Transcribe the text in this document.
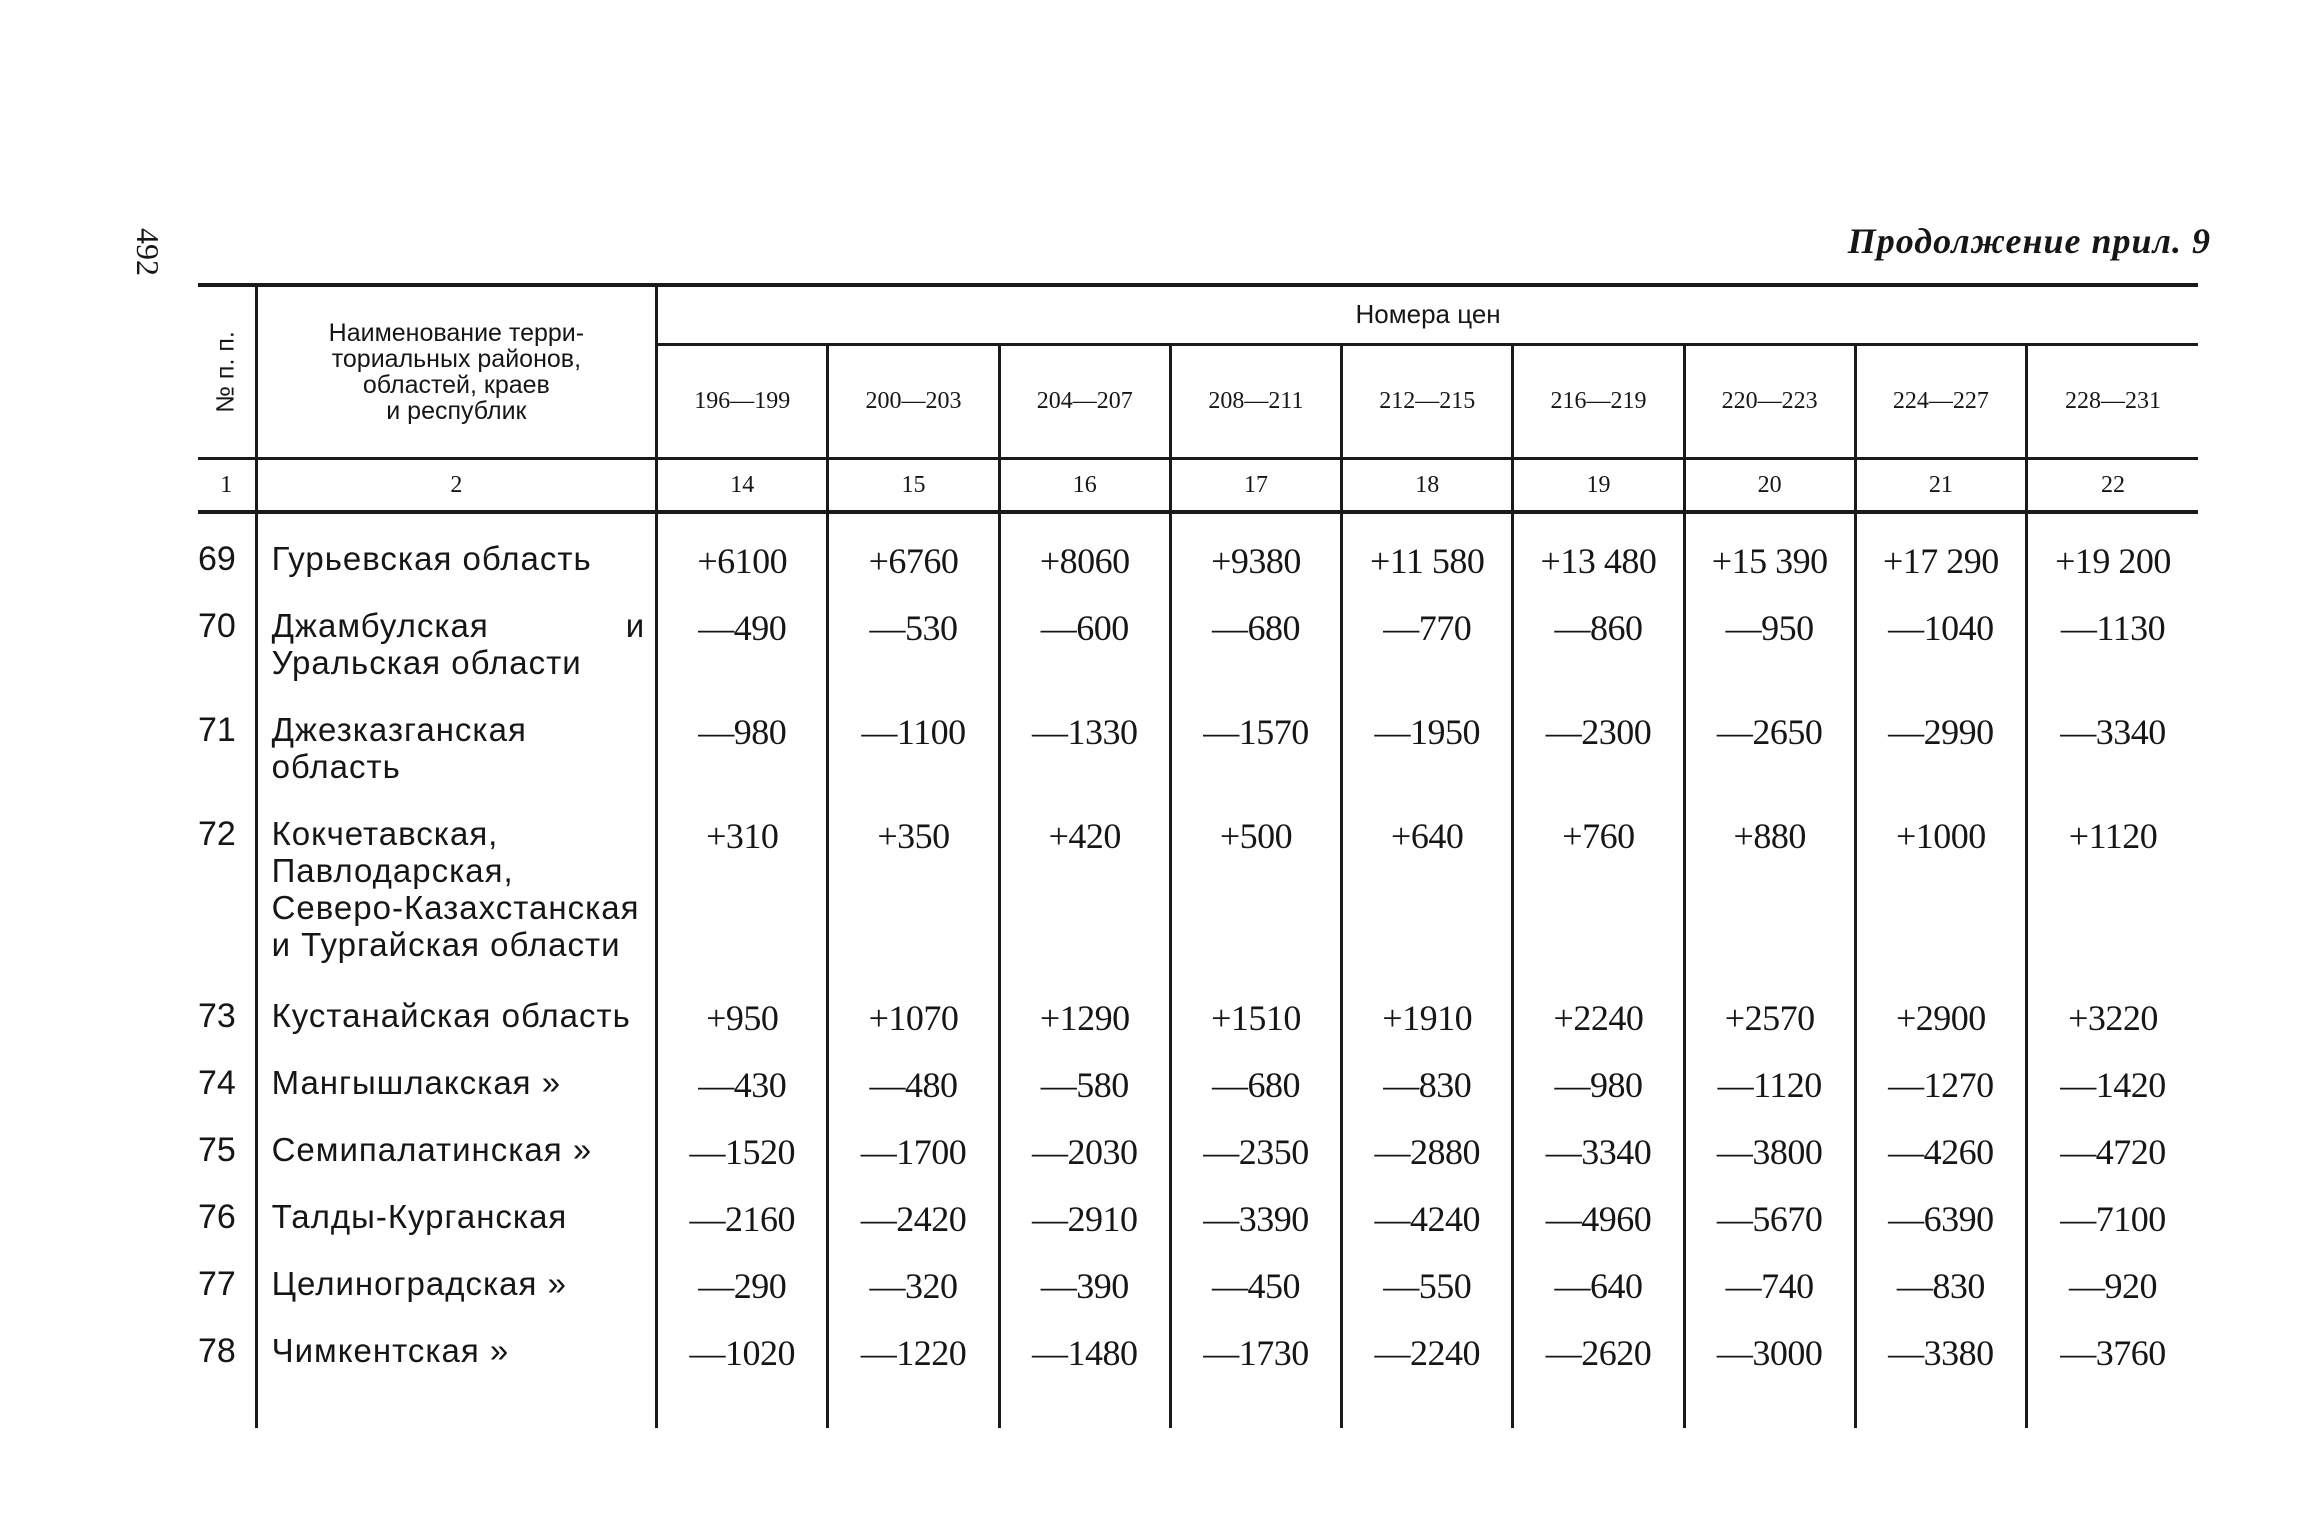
492	Продолжение прил. 9
№ п. п.	Наименование терри-
ториальных районов,
областей, краев
и республик	Номера цен								
		196—199	200—203	204—207	208—211	212—215	216—219	220—223	224—227	228—231
1	2	14	15	16	17	18	19	20	21	22
69	Гурьевская область	+6100	+6760	+8060	+9380	+11 580	+13 480	+15 390	+17 290	+19 200
70	Джамбулская и Уральская области	—490	—530	—600	—680	—770	—860	—950	—1040	—1130
71	Джезказганская область	—980	—1100	—1330	—1570	—1950	—2300	—2650	—2990	—3340
72	Кокчетавская, Павлодарская, Северо-Казахстанская и Тургайская области	+310	+350	+420	+500	+640	+760	+880	+1000	+1120
73	Кустанайская область	+950	+1070	+1290	+1510	+1910	+2240	+2570	+2900	+3220
74	Мангышлакская »	—430	—480	—580	—680	—830	—980	—1120	—1270	—1420
75	Семипалатинская »	—1520	—1700	—2030	—2350	—2880	—3340	—3800	—4260	—4720
76	Талды-Курганская	—2160	—2420	—2910	—3390	—4240	—4960	—5670	—6390	—7100
77	Целиноградская »	—290	—320	—390	—450	—550	—640	—740	—830	—920
78	Чимкентская »	—1020	—1220	—1480	—1730	—2240	—2620	—3000	—3380	—3760
